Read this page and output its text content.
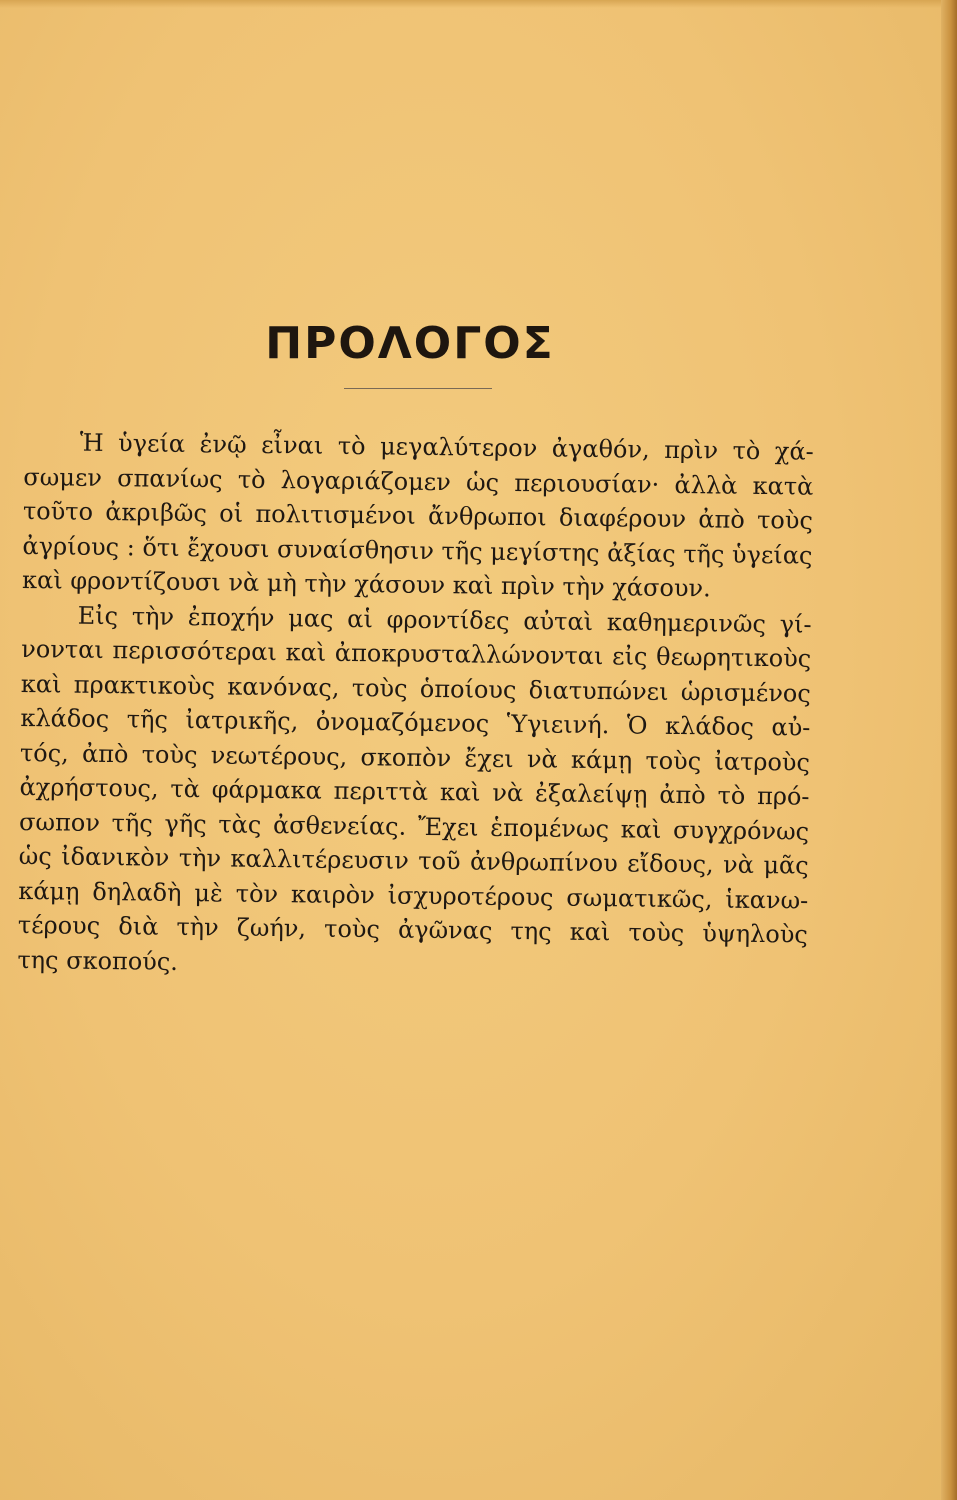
ΠΡΟΛΟΓΟΣ
Ἡ ὑγεία ἐνῷ εἶναι τὸ μεγαλύτερον ἀγαθόν, πρὶν τὸ χά-
σωμεν σπανίως τὸ λογαριάζομεν ὡς περιουσίαν· ἀλλὰ κατὰ
τοῦτο ἀκριβῶς οἱ πολιτισμένοι ἄνθρωποι διαφέρουν ἀπὸ τοὺς
ἀγρίους : ὅτι ἔχουσι συναίσθησιν τῆς μεγίστης ἀξίας τῆς ὑγείας
καὶ φροντίζουσι νὰ μὴ τὴν χάσουν καὶ πρὶν τὴν χάσουν.
Εἰς τὴν ἐποχήν μας αἱ φροντίδες αὐταὶ καθημερινῶς γί-
νονται περισσότεραι καὶ ἀποκρυσταλλώνονται εἰς θεωρητικοὺς
καὶ πρακτικοὺς κανόνας, τοὺς ὁποίους διατυπώνει ὡρισμένος
κλάδος τῆς ἰατρικῆς, ὀνομαζόμενος Ὑγιεινή. Ὁ κλάδος αὐ-
τός, ἀπὸ τοὺς νεωτέρους, σκοπὸν ἔχει νὰ κάμῃ τοὺς ἰατροὺς
ἀχρήστους, τὰ φάρμακα περιττὰ καὶ νὰ ἐξαλείψῃ ἀπὸ τὸ πρό-
σωπον τῆς γῆς τὰς ἀσθενείας. Ἔχει ἑπομένως καὶ συγχρόνως
ὡς ἰδανικὸν τὴν καλλιτέρευσιν τοῦ ἀνθρωπίνου εἴδους, νὰ μᾶς
κάμῃ δηλαδὴ μὲ τὸν καιρὸν ἰσχυροτέρους σωματικῶς, ἱκανω-
τέρους διὰ τὴν ζωήν, τοὺς ἀγῶνας της καὶ τοὺς ὑψηλοὺς
της σκοπούς.
